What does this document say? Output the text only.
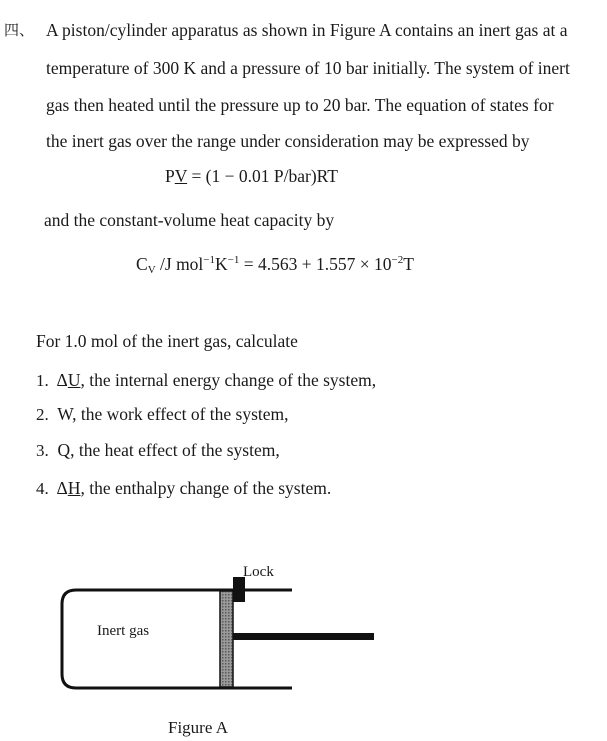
四、 A piston/cylinder apparatus as shown in Figure A contains an inert gas at a
temperature of 300 K and a pressure of 10 bar initially. The system of inert
gas then heated until the pressure up to 20 bar. The equation of states for
the inert gas over the range under consideration may be expressed by
PV = (1 − 0.01 P/bar)RT
and the constant-volume heat capacity by
$C_V$ /J $mol^{-1}K^{-1} = 4.563 + 1.557 \times 10^{-2}T$
For 1.0 mol of the inert gas, calculate
1. ΔU, the internal energy change of the system,
2. W, the work effect of the system,
3. Q, the heat effect of the system,
4. ΔH, the enthalpy change of the system.
Lock
Inert gas
Figure A
